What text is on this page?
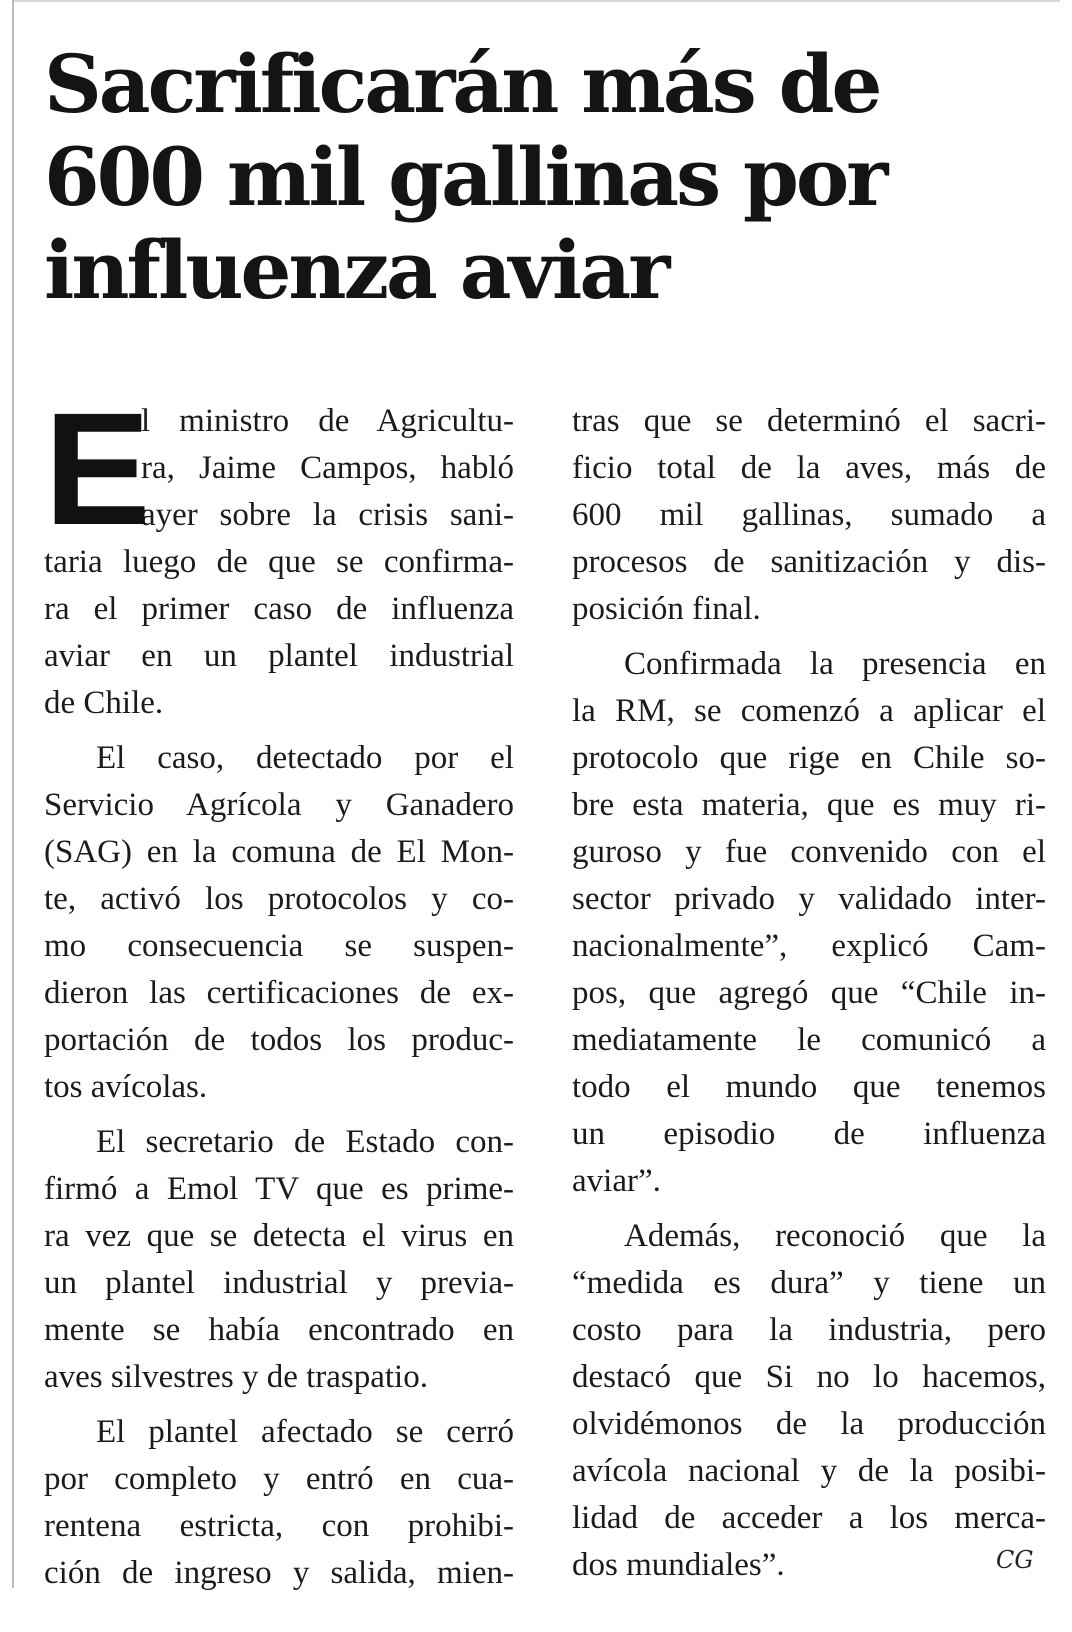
Sacrificarán más de
600 mil gallinas por
influenza aviar
E
l ministro de Agricultu-
ra, Jaime Campos, habló
ayer sobre la crisis sani-
taria luego de que se confirma-
ra el primer caso de influenza
aviar en un plantel industrial
de Chile.
El caso, detectado por el
Servicio Agrícola y Ganadero
(SAG) en la comuna de El Mon-
te, activó los protocolos y co-
mo consecuencia se suspen-
dieron las certificaciones de ex-
portación de todos los produc-
tos avícolas.
El secretario de Estado con-
firmó a Emol TV que es prime-
ra vez que se detecta el virus en
un plantel industrial y previa-
mente se había encontrado en
aves silvestres y de traspatio.
El plantel afectado se cerró
por completo y entró en cua-
rentena estricta, con prohibi-
ción de ingreso y salida, mien-
tras que se determinó el sacri-
ficio total de la aves, más de
600 mil gallinas, sumado a
procesos de sanitización y dis-
posición final.
Confirmada la presencia en
la RM, se comenzó a aplicar el
protocolo que rige en Chile so-
bre esta materia, que es muy ri-
guroso y fue convenido con el
sector privado y validado inter-
nacionalmente”, explicó Cam-
pos, que agregó que “Chile in-
mediatamente le comunicó a
todo el mundo que tenemos
un episodio de influenza
aviar”.
Además, reconoció que la
“medida es dura” y tiene un
costo para la industria, pero
destacó que Si no lo hacemos,
olvidémonos de la producción
avícola nacional y de la posibi-
lidad de acceder a los merca-
dos mundiales”.	CG
